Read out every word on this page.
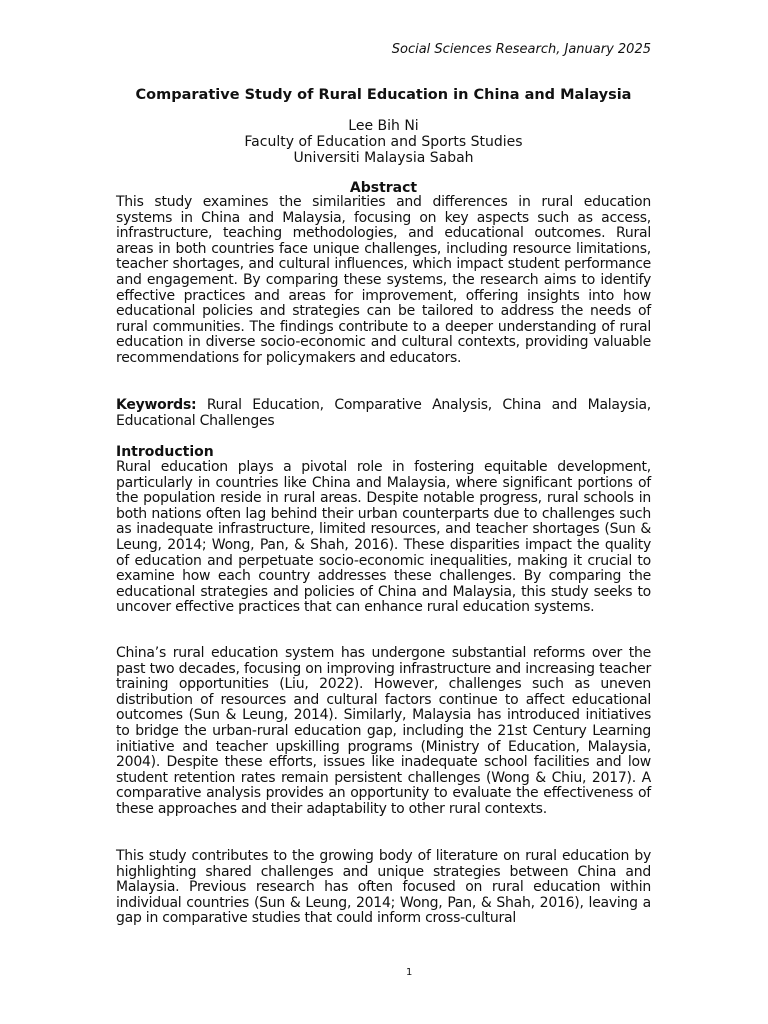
Social Sciences Research, January 2025
Comparative Study of Rural Education in China and Malaysia
Lee Bih Ni
Faculty of Education and Sports Studies
Universiti Malaysia Sabah
Abstract

This study examines the similarities and differences in rural education systems in China and Malaysia, focusing on key aspects such as access, infrastructure, teaching methodologies, and educational outcomes. Rural areas in both countries face unique challenges, including resource limitations, teacher shortages, and cultural influences, which impact student performance and engagement. By comparing these systems, the research aims to identify effective practices and areas for improvement, offering insights into how educational policies and strategies can be tailored to address the needs of rural communities. The findings contribute to a deeper understanding of rural education in diverse socio-economic and cultural contexts, providing valuable recommendations for policymakers and educators.

Keywords: Rural Education, Comparative Analysis, China and Malaysia, Educational Challenges

Introduction

Rural education plays a pivotal role in fostering equitable development, particularly in countries like China and Malaysia, where significant portions of the population reside in rural areas. Despite notable progress, rural schools in both nations often lag behind their urban counterparts due to challenges such as inadequate infrastructure, limited resources, and teacher shortages (Sun & Leung, 2014; Wong, Pan, & Shah, 2016). These disparities impact the quality of education and perpetuate socio-economic inequalities, making it crucial to examine how each country addresses these challenges. By comparing the educational strategies and policies of China and Malaysia, this study seeks to uncover effective practices that can enhance rural education systems.

China’s rural education system has undergone substantial reforms over the past two decades, focusing on improving infrastructure and increasing teacher training opportunities (Liu, 2022). However, challenges such as uneven distribution of resources and cultural factors continue to affect educational outcomes (Sun & Leung, 2014). Similarly, Malaysia has introduced initiatives to bridge the urban-rural education gap, including the 21st Century Learning initiative and teacher upskilling programs (Ministry of Education, Malaysia, 2004). Despite these efforts, issues like inadequate school facilities and low student retention rates remain persistent challenges (Wong & Chiu, 2017). A comparative analysis provides an opportunity to evaluate the effectiveness of these approaches and their adaptability to other rural contexts.

This study contributes to the growing body of literature on rural education by highlighting shared challenges and unique strategies between China and Malaysia. Previous research has often focused on rural education within individual countries (Sun & Leung, 2014; Wong, Pan, & Shah, 2016), leaving a gap in comparative studies that could inform cross-cultural

1
